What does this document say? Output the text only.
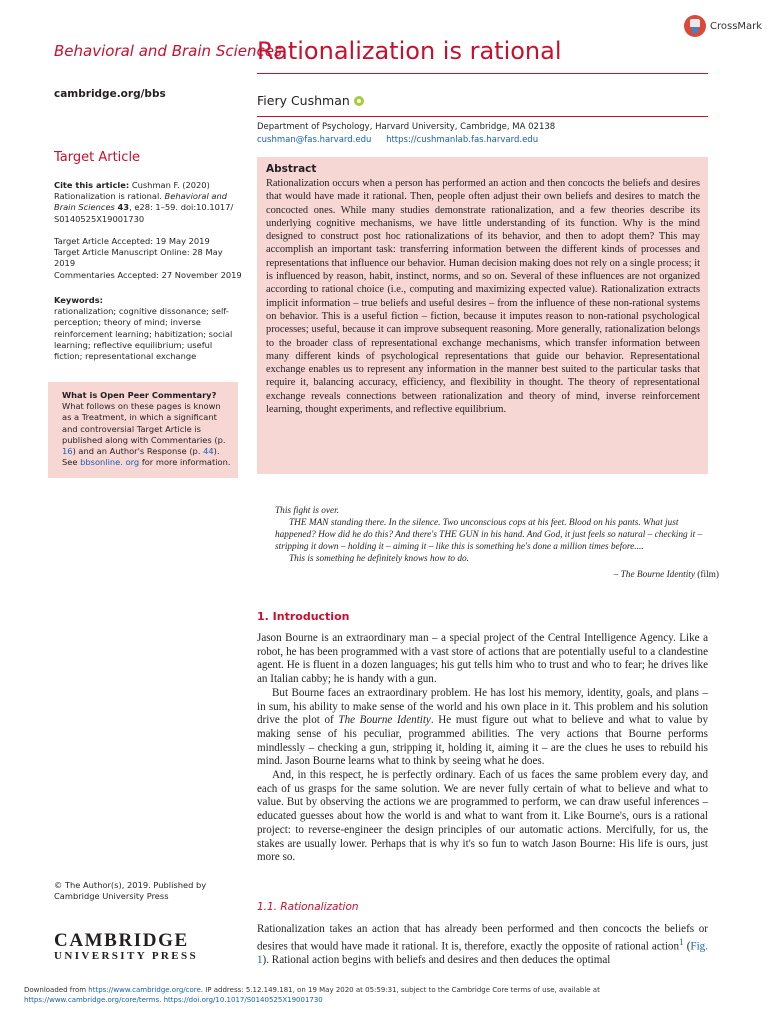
CrossMark
Behavioral and Brain Sciences
Rationalization is rational
cambridge.org/bbs	Fiery Cushman
Department of Psychology, Harvard University, Cambridge, MA 02138
cushman@fas.harvard.edu https://cushmanlab.fas.harvard.edu
Target Article
Cite this article: Cushman F. (2020) Rationalization is rational. Behavioral and Brain Sciences 43, e28: 1–59. doi:10.1017/ S0140525X19001730
Target Article Accepted: 19 May 2019
Target Article Manuscript Online: 28 May 2019
Commentaries Accepted: 27 November 2019
Keywords:
rationalization; cognitive dissonance; self-perception; theory of mind; inverse reinforcement learning; habitization; social learning; reflective equilibrium; useful fiction; representational exchange
What is Open Peer Commentary? What follows on these pages is known as a Treatment, in which a significant and controversial Target Article is published along with Commentaries (p. 16) and an Author's Response (p. 44). See bbsonline. org for more information.
© The Author(s), 2019. Published by Cambridge University Press
CAMBRIDGE
UNIVERSITY PRESS
Abstract
Rationalization occurs when a person has performed an action and then concocts the beliefs and desires that would have made it rational. Then, people often adjust their own beliefs and desires to match the concocted ones. While many studies demonstrate rationalization, and a few theories describe its underlying cognitive mechanisms, we have little understanding of its function. Why is the mind designed to construct post hoc rationalizations of its behavior, and then to adopt them? This may accomplish an important task: transferring information between the different kinds of processes and representations that influence our behavior. Human decision making does not rely on a single process; it is influenced by reason, habit, instinct, norms, and so on. Several of these influences are not organized according to rational choice (i.e., computing and maximizing expected value). Rationalization extracts implicit information – true beliefs and useful desires – from the influence of these non-rational systems on behavior. This is a useful fiction – fiction, because it imputes reason to non-rational psychological processes; useful, because it can improve subsequent reasoning. More generally, rationalization belongs to the broader class of representational exchange mechanisms, which transfer information between many different kinds of psychological representations that guide our behavior. Representational exchange enables us to represent any information in the manner best suited to the particular tasks that require it, balancing accuracy, efficiency, and flexibility in thought. The theory of representational exchange reveals connections between rationalization and theory of mind, inverse reinforcement learning, thought experiments, and reflective equilibrium.
This fight is over.
THE MAN standing there. In the silence. Two unconscious cops at his feet. Blood on his pants. What just happened? How did he do this? And there's THE GUN in his hand. And God, it just feels so natural – checking it – stripping it down – holding it – aiming it – like this is something he's done a million times before....
This is something he definitely knows how to do.
– The Bourne Identity (film)
1. Introduction

Jason Bourne is an extraordinary man – a special project of the Central Intelligence Agency. Like a robot, he has been programmed with a vast store of actions that are potentially useful to a clandestine agent. He is fluent in a dozen languages; his gut tells him who to trust and who to fear; he drives like an Italian cabby; he is handy with a gun.

But Bourne faces an extraordinary problem. He has lost his memory, identity, goals, and plans – in sum, his ability to make sense of the world and his own place in it. This problem and his solution drive the plot of The Bourne Identity. He must figure out what to believe and what to value by making sense of his peculiar, programmed abilities. The very actions that Bourne performs mindlessly – checking a gun, stripping it, holding it, aiming it – are the clues he uses to rebuild his mind. Jason Bourne learns what to think by seeing what he does.

And, in this respect, he is perfectly ordinary. Each of us faces the same problem every day, and each of us grasps for the same solution. We are never fully certain of what to believe and what to value. But by observing the actions we are programmed to perform, we can draw useful inferences – educated guesses about how the world is and what to want from it. Like Bourne's, ours is a rational project: to reverse-engineer the design principles of our automatic actions. Mercifully, for us, the stakes are usually lower. Perhaps that is why it's so fun to watch Jason Bourne: His life is ours, just more so.

1.1. Rationalization
Rationalization takes an action that has already been performed and then concocts the beliefs or desires that would have made it rational. It is, therefore, exactly the opposite of rational action$^1$ (Fig. 1). Rational action begins with beliefs and desires and then deduces the optimal
Downloaded from https://www.cambridge.org/core. IP address: 5.12.149.181, on 19 May 2020 at 05:59:31, subject to the Cambridge Core terms of use, available at
https://www.cambridge.org/core/terms. https://doi.org/10.1017/S0140525X19001730
